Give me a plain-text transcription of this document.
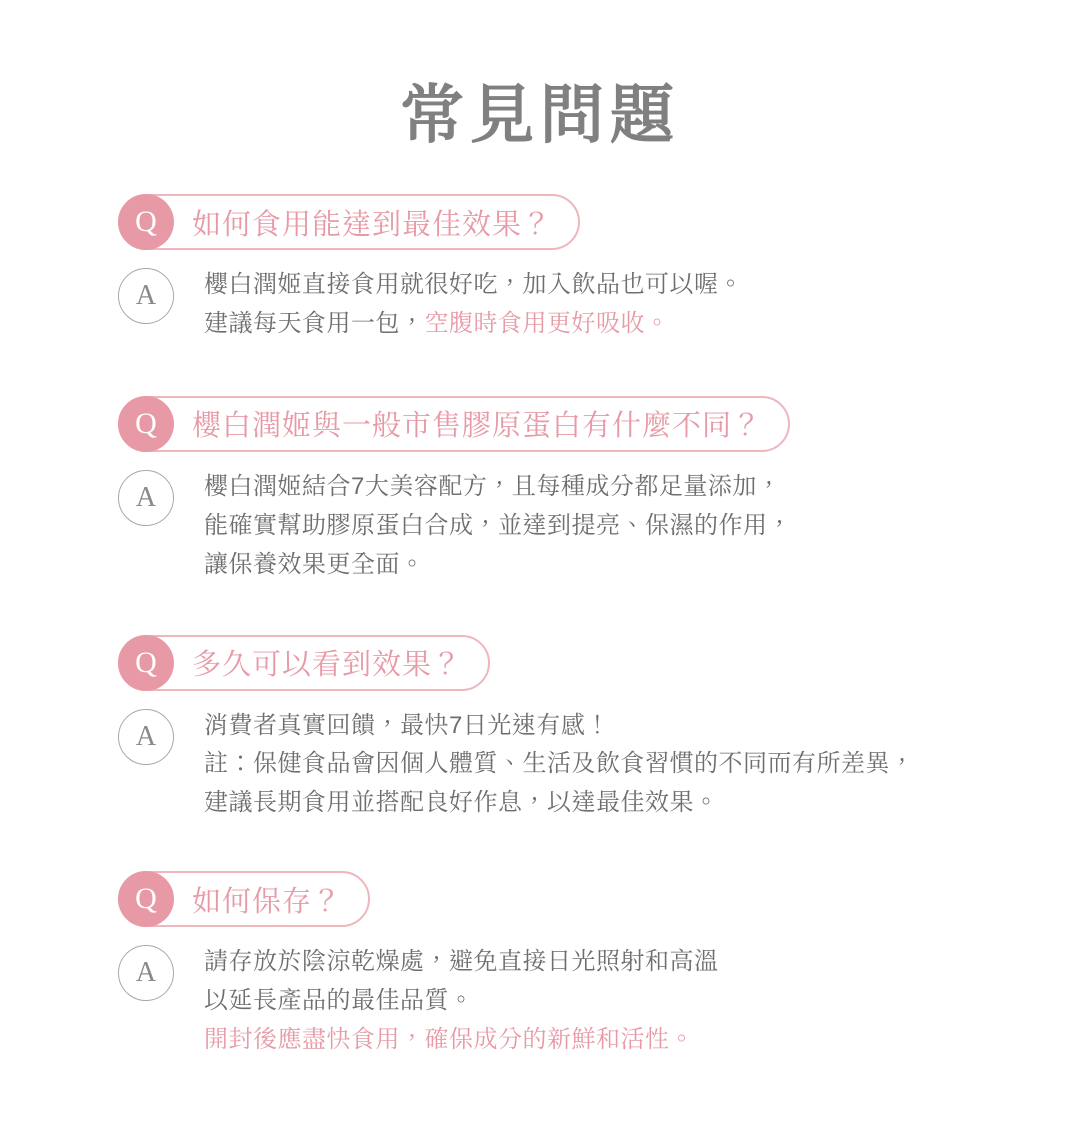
常見問題
Q	如何食用能達到最佳效果？
A	櫻白潤姬直接食用就很好吃，加入飲品也可以喔。
建議每天食用一包，空腹時食用更好吸收。
Q	櫻白潤姬與一般市售膠原蛋白有什麼不同？
A	櫻白潤姬結合7大美容配方，且每種成分都足量添加，
能確實幫助膠原蛋白合成，並達到提亮、保濕的作用，
讓保養效果更全面。
Q	多久可以看到效果？
A	消費者真實回饋，最快7日光速有感！
註：保健食品會因個人體質、生活及飲食習慣的不同而有所差異，
建議長期食用並搭配良好作息，以達最佳效果。
Q	如何保存？
A	請存放於陰涼乾燥處，避免直接日光照射和高溫
以延長產品的最佳品質。
開封後應盡快食用，確保成分的新鮮和活性。
